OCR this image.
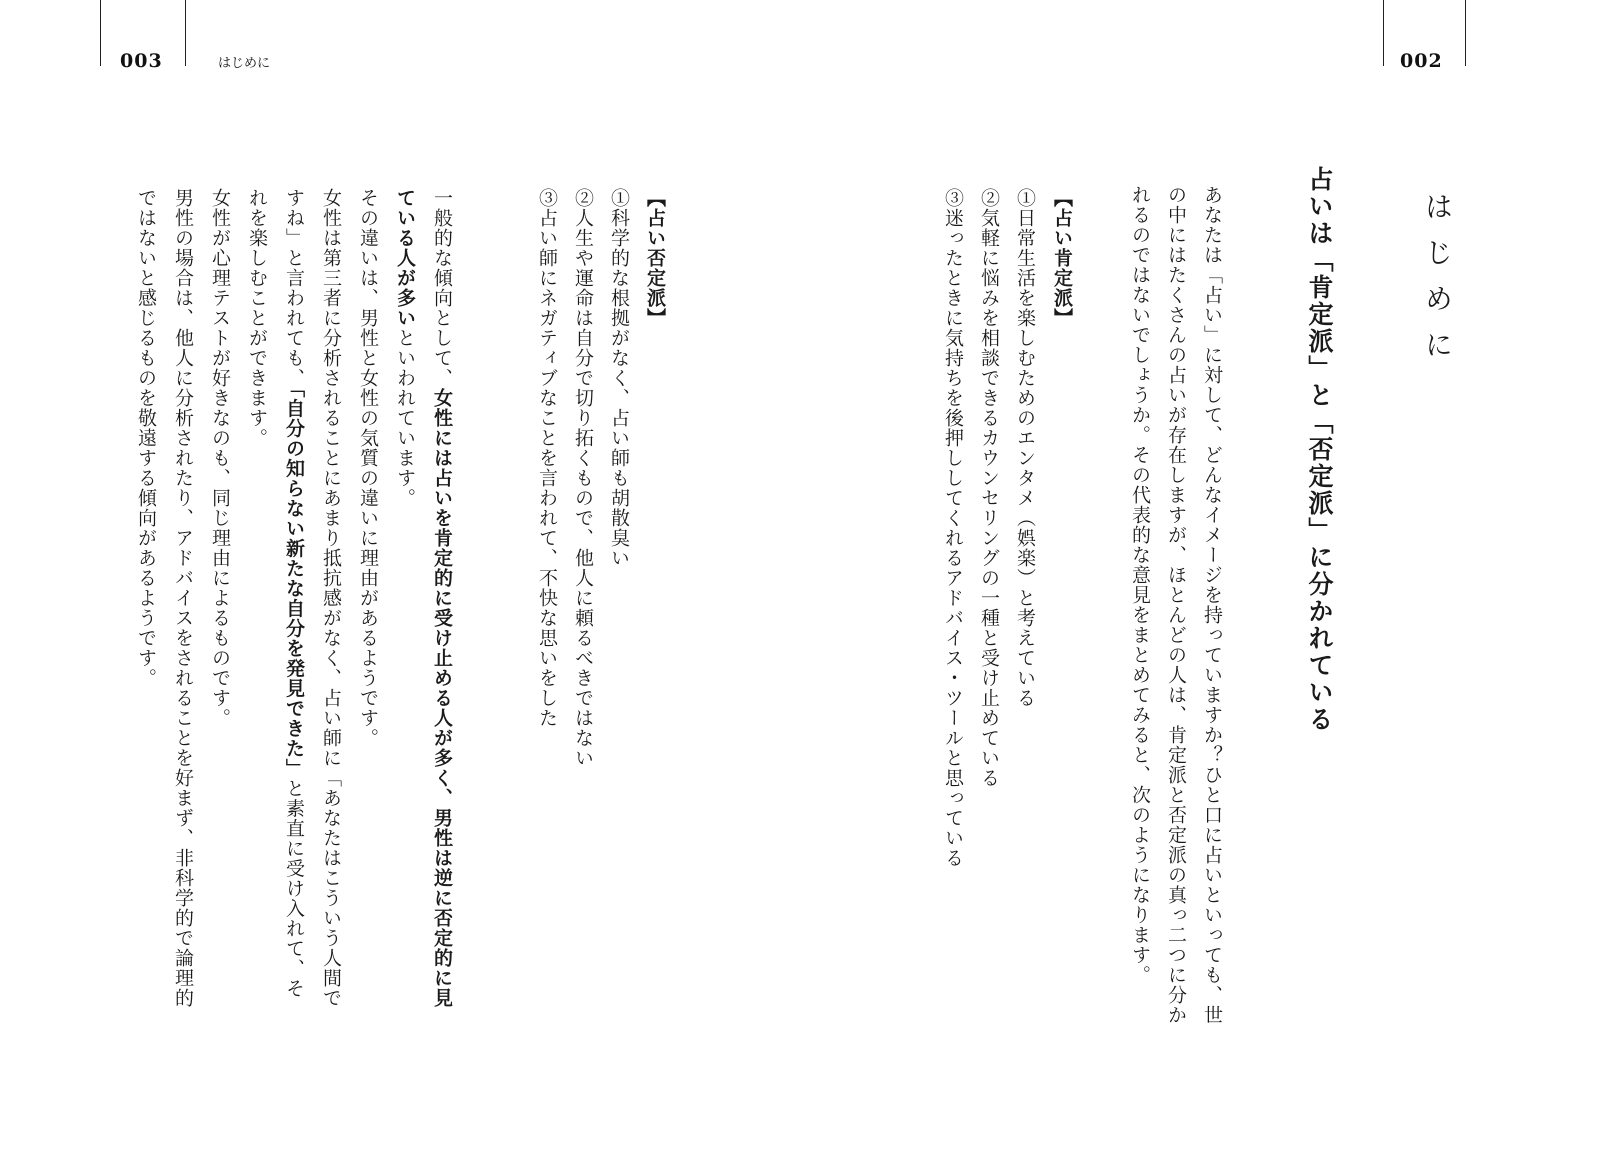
003	はじめに	002
はじめに
占いは「肯定派」と「否定派」に分かれている
あなたは「占い」に対して、どんなイメージを持っていますか？ひと口に占いといっても、世の中にはたくさんの占いが存在しますが、ほとんどの人は、肯定派と否定派の真っ二つに分かれるのではないでしょうか。その代表的な意見をまとめてみると、次のようになります。
【占い肯定派】
①日常生活を楽しむためのエンタメ（娯楽）と考えている
②気軽に悩みを相談できるカウンセリングの一種と受け止めている
③迷ったときに気持ちを後押ししてくれるアドバイス・ツールと思っている
【占い否定派】
①科学的な根拠がなく、占い師も胡散臭い
②人生や運命は自分で切り拓くもので、他人に頼るべきではない
③占い師にネガティブなことを言われて、不快な思いをした
一般的な傾向として、女性には占いを肯定的に受け止める人が多く、男性は逆に否定的に見ている人が多いといわれています。
その違いは、男性と女性の気質の違いに理由があるようです。
女性は第三者に分析されることにあまり抵抗感がなく、占い師に「あなたはこういう人間ですね」と言われても、「自分の知らない新たな自分を発見できた」と素直に受け入れて、それを楽しむことができます。
女性が心理テストが好きなのも、同じ理由によるものです。
男性の場合は、他人に分析されたり、アドバイスをされることを好まず、非科学的で論理的ではないと感じるものを敬遠する傾向があるようです。
